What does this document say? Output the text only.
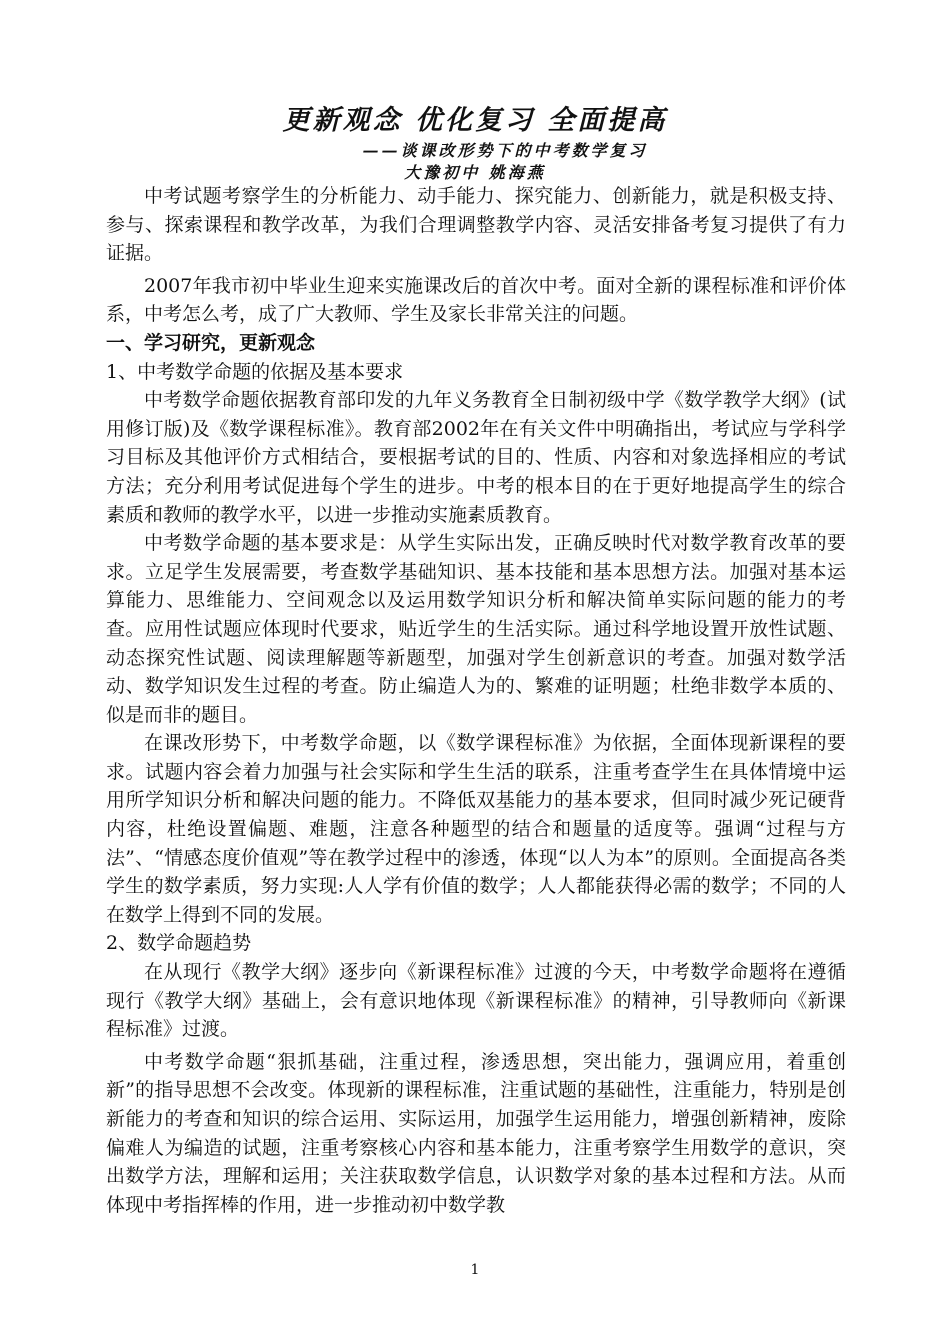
更新观念 优化复习 全面提高
——谈课改形势下的中考数学复习
大豫初中 姚海燕

中考试题考察学生的分析能力、动手能力、探究能力、创新能力，就是积极支持、参与、探索课程和教学改革，为我们合理调整教学内容、灵活安排备考复习提供了有力证据。

2007年我市初中毕业生迎来实施课改后的首次中考。面对全新的课程标准和评价体系，中考怎么考，成了广大教师、学生及家长非常关注的问题。

一、学习研究，更新观念

1、中考数学命题的依据及基本要求

中考数学命题依据教育部印发的九年义务教育全日制初级中学《数学教学大纲》(试用修订版)及《数学课程标准》。教育部2002年在有关文件中明确指出，考试应与学科学习目标及其他评价方式相结合，要根据考试的目的、性质、内容和对象选择相应的考试方法；充分利用考试促进每个学生的进步。中考的根本目的在于更好地提高学生的综合素质和教师的教学水平，以进一步推动实施素质教育。

中考数学命题的基本要求是：从学生实际出发，正确反映时代对数学教育改革的要求。立足学生发展需要，考查数学基础知识、基本技能和基本思想方法。加强对基本运算能力、思维能力、空间观念以及运用数学知识分析和解决简单实际问题的能力的考查。应用性试题应体现时代要求，贴近学生的生活实际。通过科学地设置开放性试题、动态探究性试题、阅读理解题等新题型，加强对学生创新意识的考查。加强对数学活动、数学知识发生过程的考查。防止编造人为的、繁难的证明题；杜绝非数学本质的、似是而非的题目。

在课改形势下，中考数学命题，以《数学课程标准》为依据，全面体现新课程的要求。试题内容会着力加强与社会实际和学生生活的联系，注重考查学生在具体情境中运用所学知识分析和解决问题的能力。不降低双基能力的基本要求，但同时减少死记硬背内容，杜绝设置偏题、难题，注意各种题型的结合和题量的适度等。强调“过程与方法”、“情感态度价值观”等在教学过程中的渗透，体现“以人为本”的原则。全面提高各类学生的数学素质，努力实现:人人学有价值的数学；人人都能获得必需的数学；不同的人在数学上得到不同的发展。

2、数学命题趋势

在从现行《教学大纲》逐步向《新课程标准》过渡的今天，中考数学命题将在遵循现行《教学大纲》基础上，会有意识地体现《新课程标准》的精神，引导教师向《新课程标准》过渡。

中考数学命题“狠抓基础，注重过程，渗透思想，突出能力，强调应用，着重创新”的指导思想不会改变。体现新的课程标准，注重试题的基础性，注重能力，特别是创新能力的考查和知识的综合运用、实际运用，加强学生运用能力，增强创新精神，废除偏难人为编造的试题，注重考察核心内容和基本能力，注重考察学生用数学的意识，突出数学方法，理解和运用；关注获取数学信息，认识数学对象的基本过程和方法。从而体现中考指挥棒的作用，进一步推动初中数学教

1
